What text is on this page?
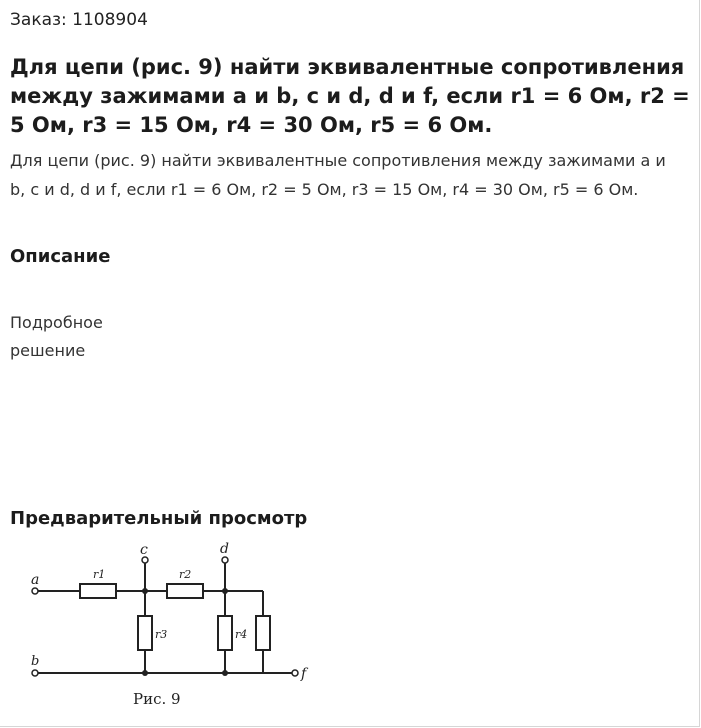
Заказ: 1108904
Для цепи (рис. 9) найти эквивалентные сопротивления между зажимами a и b, c и d, d и f, если r1 = 6 Ом, r2 = 5 Ом, r3 = 15 Ом, r4 = 30 Ом, r5 = 6 Ом.
Для цепи (рис. 9) найти эквивалентные сопротивления между зажимами a и b, c и d, d и f, если r1 = 6 Ом, r2 = 5 Ом, r3 = 15 Ом, r4 = 30 Ом, r5 = 6 Ом.
Описание
Подробное решение
Предварительный просмотр
a
b
c	d
f
r1	r2
r3	r4
Рис. 9
